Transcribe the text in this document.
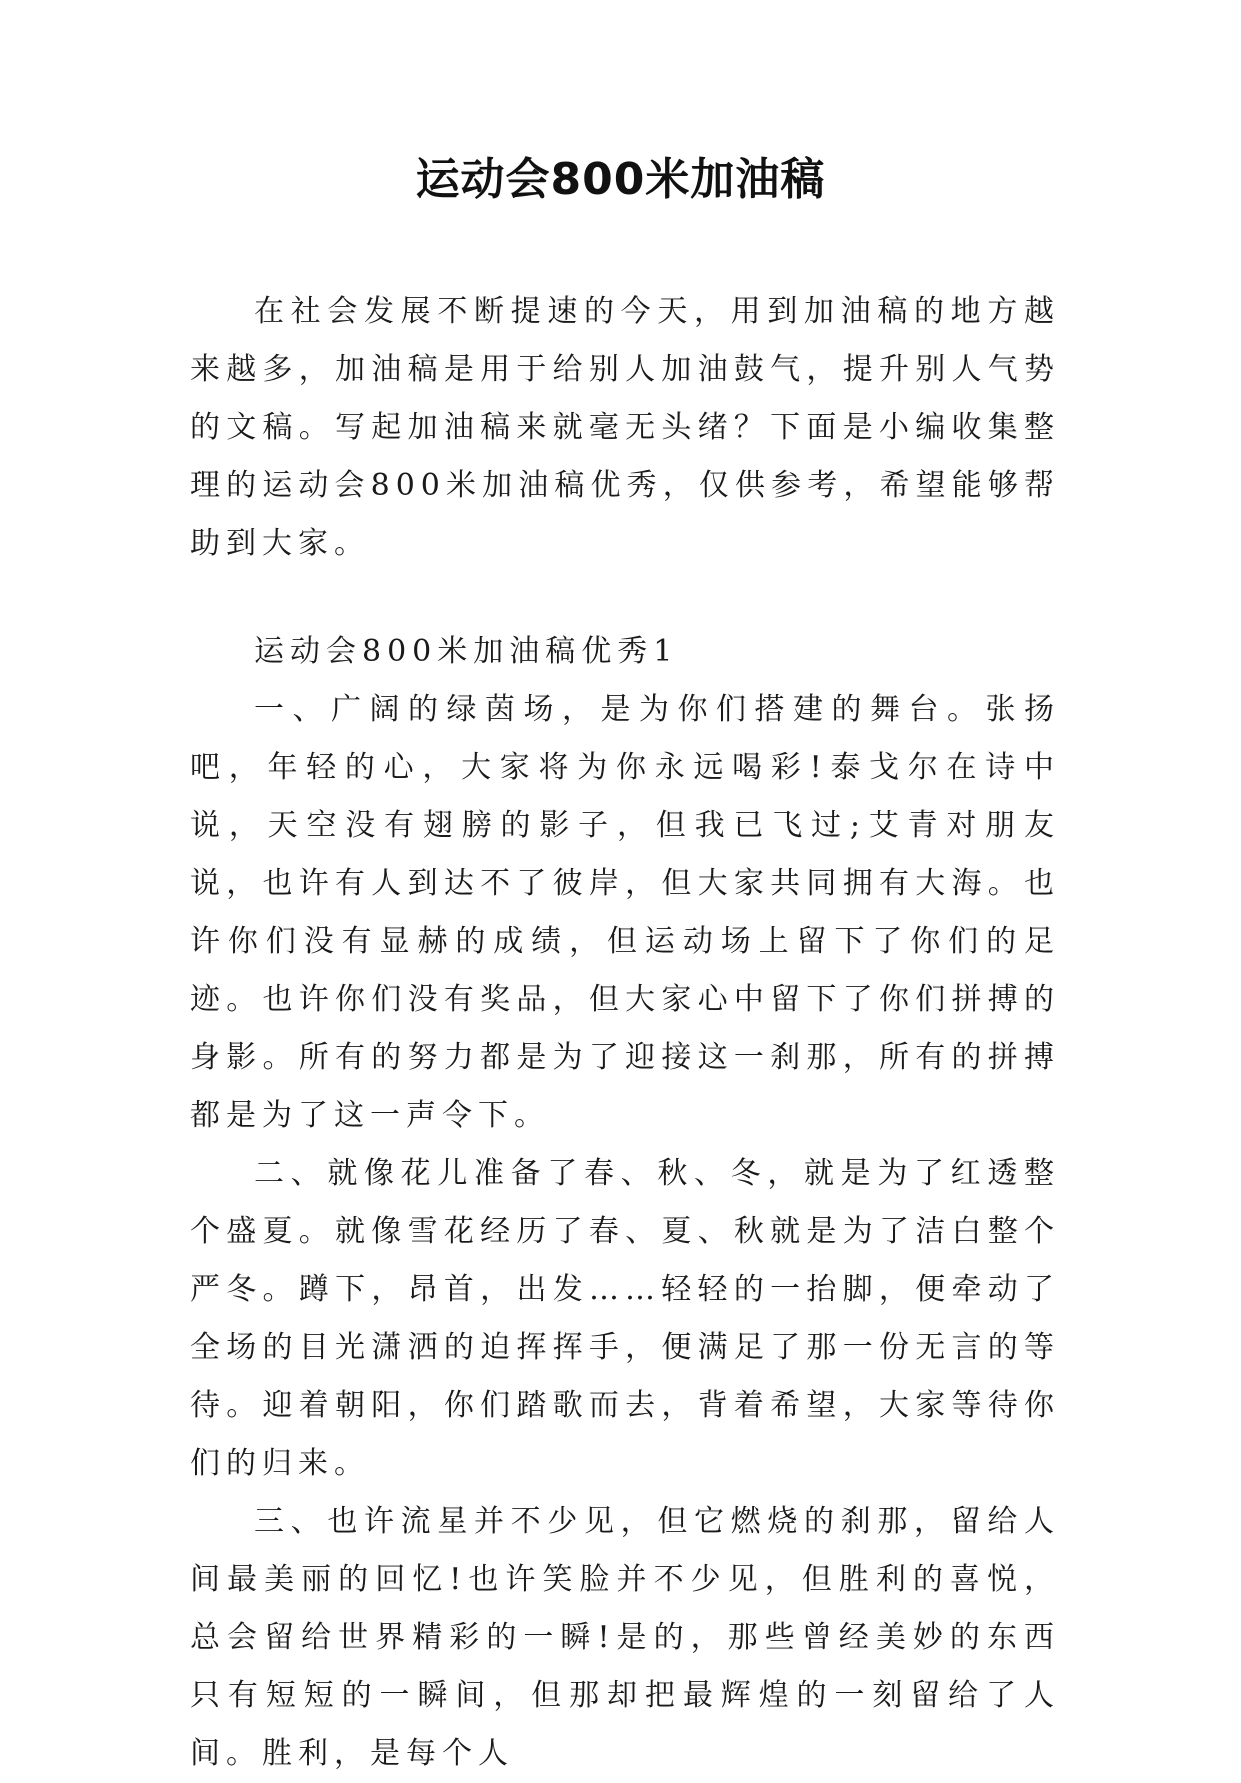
运动会800米加油稿

在社会发展不断提速的今天，用到加油稿的地方越来越多，加油稿是用于给别人加油鼓气，提升别人气势的文稿。写起加油稿来就毫无头绪？下面是小编收集整理的运动会800米加油稿优秀，仅供参考，希望能够帮助到大家。

运动会800米加油稿优秀1

一、广阔的绿茵场，是为你们搭建的舞台。张扬吧，年轻的心，大家将为你永远喝彩!泰戈尔在诗中说，天空没有翅膀的影子，但我已飞过;艾青对朋友说，也许有人到达不了彼岸，但大家共同拥有大海。也许你们没有显赫的成绩，但运动场上留下了你们的足迹。也许你们没有奖品，但大家心中留下了你们拼搏的身影。所有的努力都是为了迎接这一刹那，所有的拼搏都是为了这一声令下。

二、就像花儿准备了春、秋、冬，就是为了红透整个盛夏。就像雪花经历了春、夏、秋就是为了洁白整个严冬。蹲下，昂首，出发……轻轻的一抬脚，便牵动了全场的目光潇洒的迫挥挥手，便满足了那一份无言的等待。迎着朝阳，你们踏歌而去，背着希望，大家等待你们的归来。

三、也许流星并不少见，但它燃烧的刹那，留给人间最美丽的回忆!也许笑脸并不少见，但胜利的喜悦，总会留给世界精彩的一瞬!是的，那些曾经美妙的东西只有短短的一瞬间，但那却把最辉煌的一刻留给了人间。胜利，是每个人
